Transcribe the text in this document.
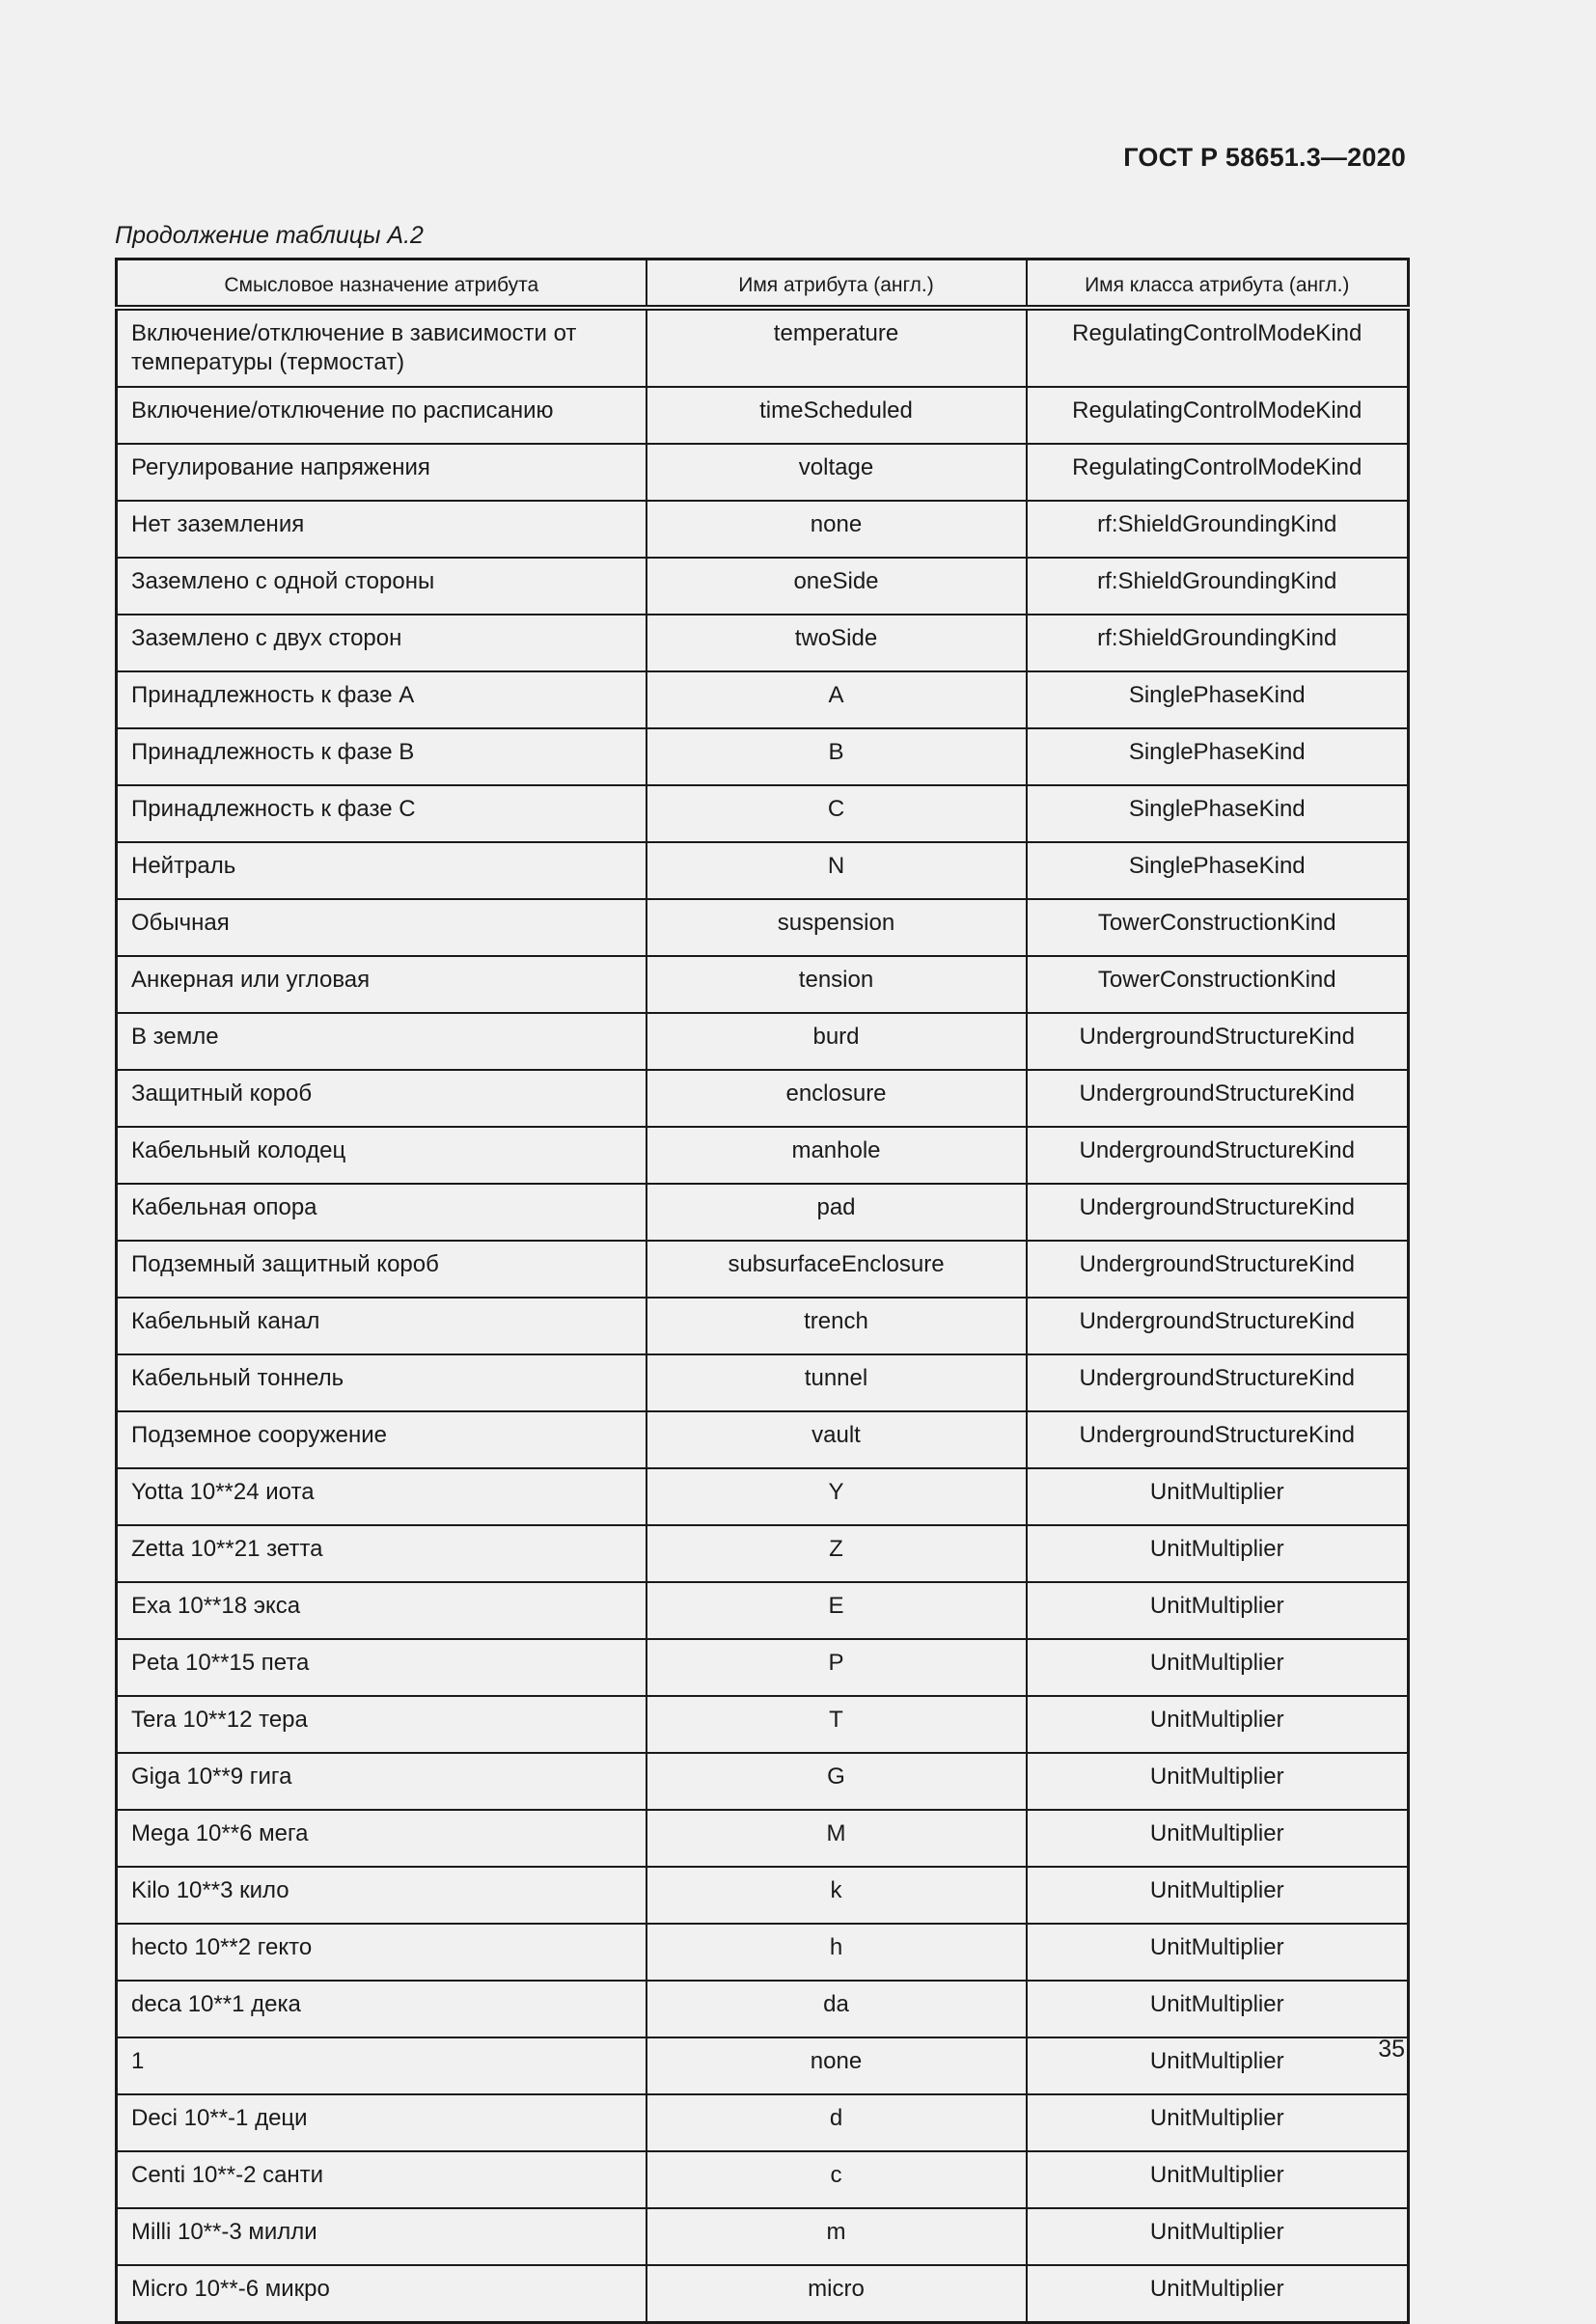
ГОСТ Р 58651.3—2020
Продолжение таблицы А.2
Смысловое назначение атрибута	Имя атрибута (англ.)	Имя класса атрибута (англ.)
Включение/отключение в зависимости от температуры (термостат)	temperature	RegulatingControlModeKind
Включение/отключение по расписанию	timeScheduled	RegulatingControlModeKind
Регулирование напряжения	voltage	RegulatingControlModeKind
Нет заземления	none	rf:ShieldGroundingKind
Заземлено с одной стороны	oneSide	rf:ShieldGroundingKind
Заземлено с двух сторон	twoSide	rf:ShieldGroundingKind
Принадлежность к фазе A	A	SinglePhaseKind
Принадлежность к фазе B	B	SinglePhaseKind
Принадлежность к фазе C	C	SinglePhaseKind
Нейтраль	N	SinglePhaseKind
Обычная	suspension	TowerConstructionKind
Анкерная или угловая	tension	TowerConstructionKind
В земле	burd	UndergroundStructureKind
Защитный короб	enclosure	UndergroundStructureKind
Кабельный колодец	manhole	UndergroundStructureKind
Кабельная опора	pad	UndergroundStructureKind
Подземный защитный короб	subsurfaceEnclosure	UndergroundStructureKind
Кабельный канал	trench	UndergroundStructureKind
Кабельный тоннель	tunnel	UndergroundStructureKind
Подземное сооружение	vault	UndergroundStructureKind
Yotta 10**24 иота	Y	UnitMultiplier
Zetta 10**21 зетта	Z	UnitMultiplier
Exa 10**18 экса	E	UnitMultiplier
Peta 10**15 пета	P	UnitMultiplier
Tera 10**12 тера	T	UnitMultiplier
Giga 10**9 гига	G	UnitMultiplier
Mega 10**6 мега	M	UnitMultiplier
Kilo 10**3 кило	k	UnitMultiplier
hecto 10**2 гекто	h	UnitMultiplier
deca 10**1 дека	da	UnitMultiplier
1	none	UnitMultiplier
Deci 10**-1 деци	d	UnitMultiplier
Centi 10**-2 санти	c	UnitMultiplier
Milli 10**-3 милли	m	UnitMultiplier
Micro 10**-6 микро	micro	UnitMultiplier
35
